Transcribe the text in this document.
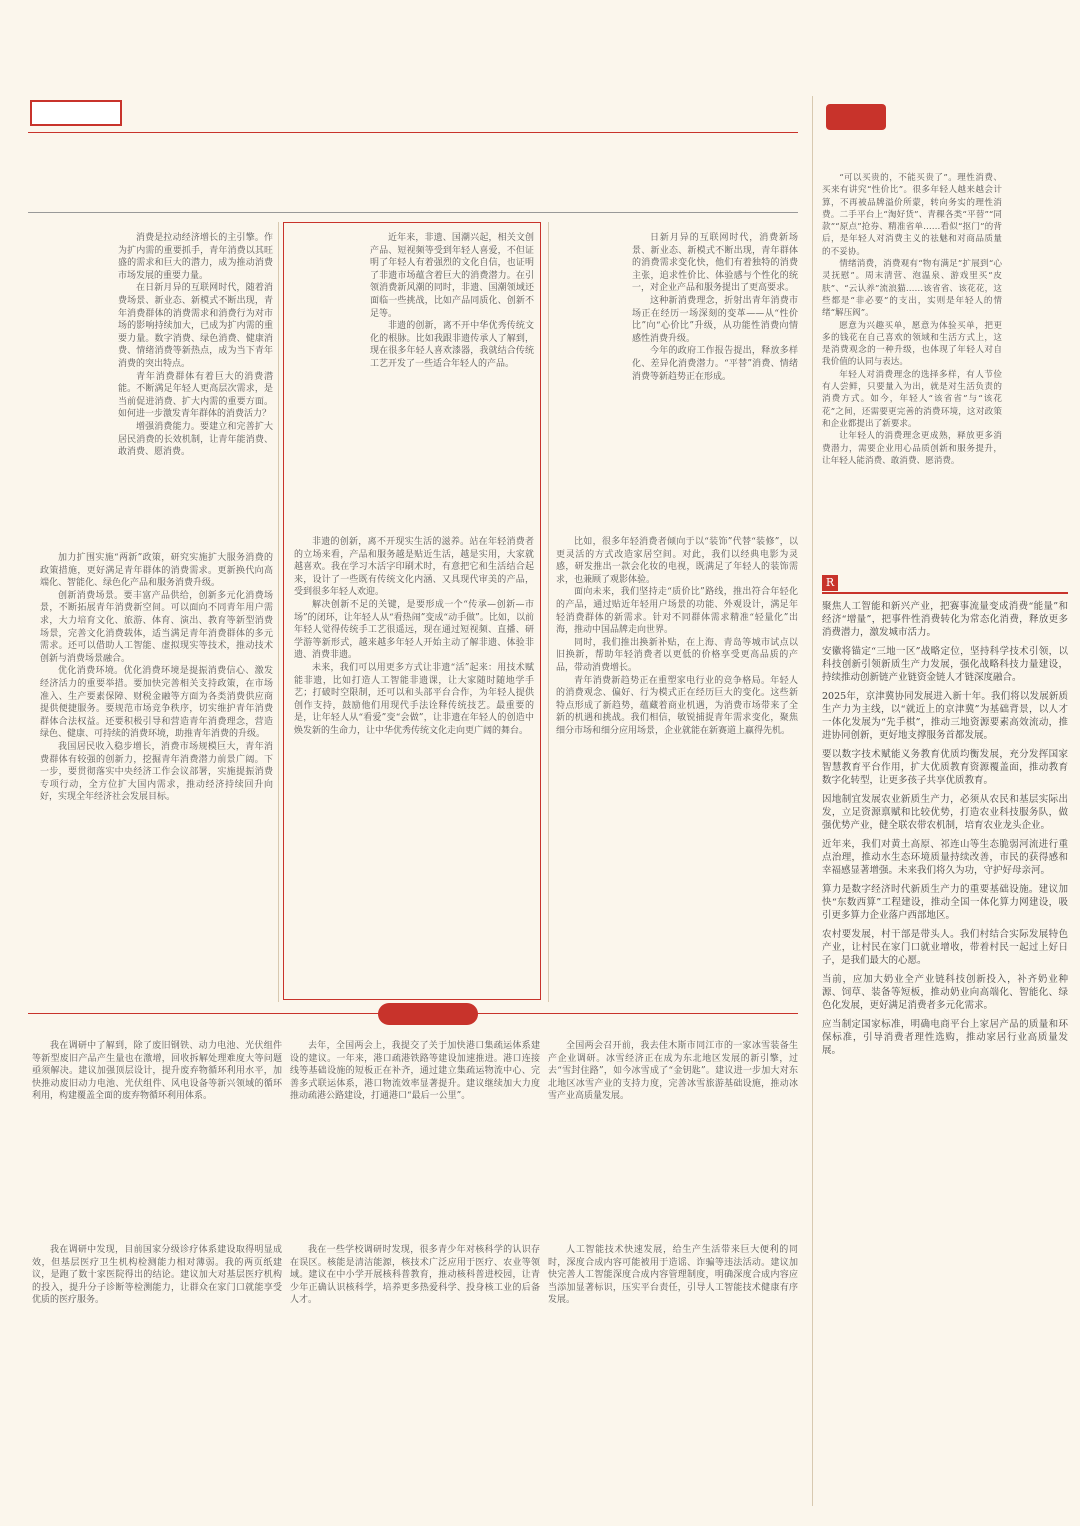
“可以买贵的，不能买贵了”。理性消费、买来有讲究“性价比”。很多年轻人越来越会计算，不再被品牌溢价所蒙，转向务实的理性消费。二手平台上“淘好货”、青稞各类“平替”“同款”“原点”抢券、精准省单……看似“抠门”的背后，是年轻人对消费主义的祛魅和对商品质量的不妥协。

情绪消费，消费观有“物有满足”扩展到“心灵抚慰”。周末清营、泡温泉、游戏里买“皮肤”、“云认养”流浪猫……该省省、该花花，这些都是“非必要”的支出，实则是年轻人的情绪“解压阀”。

愿意为兴趣买单，愿意为体验买单，把更多的钱花在自己喜欢的领域和生活方式上，这是消费观念的一种升级，也体现了年轻人对自我价值的认同与表达。

年轻人对消费理念的选择多样，有人节俭有人尝鲜，只要量入为出，就是对生活负责的消费方式。如今，年轻人“该省省”与“该花花”之间，还需要更完善的消费环境，这对政策和企业都提出了新要求。

让年轻人的消费理念更成熟，释放更多消费潜力，需要企业用心品质创新和服务提升，让年轻人能消费、敢消费、愿消费。

R
聚焦人工智能和新兴产业，把赛事流量变成消费“能量”和经济“增量”，把事件性消费转化为常态化消费，释放更多消费潜力，激发城市活力。
安徽将锚定“三地一区”战略定位，坚持科学技术引领，以科技创新引领新质生产力发展，强化战略科技力量建设，持续推动创新链产业链资金链人才链深度融合。
2025年，京津冀协同发展进入新十年。我们将以发展新质生产力为主线，以“就近上的京津冀”为基础背景，以人才一体化发展为“先手棋”，推动三地资源要素高效流动，推进协同创新，更好地支撑服务首都发展。
要以数字技术赋能义务教育优质均衡发展，充分发挥国家智慧教育平台作用，扩大优质教育资源覆盖面，推动教育数字化转型，让更多孩子共享优质教育。
因地制宜发展农业新质生产力，必须从农民和基层实际出发，立足资源禀赋和比较优势，打造农业科技服务队，做强优势产业，健全联农带农机制，培育农业龙头企业。
近年来，我们对黄土高原、祁连山等生态脆弱河流进行重点治理，推动水生态环境质量持续改善，市民的获得感和幸福感显著增强。未来我们将久为功，守护好母亲河。
算力是数字经济时代新质生产力的重要基础设施。建议加快“东数西算”工程建设，推动全国一体化算力网建设，吸引更多算力企业落户西部地区。
农村要发展，村干部是带头人。我们村结合实际发展特色产业，让村民在家门口就业增收，带着村民一起过上好日子，是我们最大的心愿。
当前，应加大奶业全产业链科技创新投入，补齐奶业种源、饲草、装备等短板，推动奶业向高端化、智能化、绿色化发展，更好满足消费者多元化需求。
应当制定国家标准，明确电商平台上家居产品的质量和环保标准，引导消费者理性选购，推动家居行业高质量发展。

消费是拉动经济增长的主引擎。作为扩内需的重要抓手，青年消费以其旺盛的需求和巨大的潜力，成为推动消费市场发展的重要力量。

在日新月异的互联网时代，随着消费场景、新业态、新模式不断出现，青年消费群体的消费需求和消费行为对市场的影响持续加大，已成为扩内需的重要力量。数字消费、绿色消费、健康消费、情绪消费等新热点，成为当下青年消费的突出特点。

青年消费群体有着巨大的消费潜能。不断满足年轻人更高层次需求，是当前促进消费、扩大内需的重要方面。如何进一步激发青年群体的消费活力？

增强消费能力。要建立和完善扩大居民消费的长效机制，让青年能消费、敢消费、愿消费。

加力扩围实施“两新”政策，研究实施扩大服务消费的政策措施，更好满足青年群体的消费需求。更新换代向高端化、智能化、绿色化产品和服务消费升级。

创新消费场景。要丰富产品供给，创新多元化消费场景，不断拓展青年消费新空间。可以面向不同青年用户需求，大力培育文化、旅游、体育、演出、教育等新型消费场景，完善文化消费载体，适当满足青年消费群体的多元需求。还可以借助人工智能、虚拟现实等技术，推动技术创新与消费场景融合。

优化消费环境。优化消费环境是提振消费信心、激发经济活力的重要举措。要加快完善相关支持政策，在市场准入、生产要素保障、财税金融等方面为各类消费供应商提供便捷服务。要规范市场竞争秩序，切实维护青年消费群体合法权益。还要积极引导和营造青年消费理念，营造绿色、健康、可持续的消费环境，助推青年消费的升级。

我国居民收入稳步增长，消费市场规模巨大，青年消费群体有较强的创新力，挖掘青年消费潜力前景广阔。下一步，要贯彻落实中央经济工作会议部署，实施提振消费专项行动，全方位扩大国内需求，推动经济持续回升向好，实现全年经济社会发展目标。

近年来，非遗、国潮兴起，相关文创产品、短视频等受到年轻人喜爱，不但证明了年轻人有着强烈的文化自信，也证明了非遗市场蕴含着巨大的消费潜力。在引领消费新风潮的同时，非遗、国潮领域还面临一些挑战，比如产品同质化、创新不足等。

非遗的创新，离不开中华优秀传统文化的根脉。比如我跟非遗传承人了解到，现在很多年轻人喜欢漆器，我就结合传统工艺开发了一些适合年轻人的产品。

非遗的创新，离不开现实生活的滋养。站在年轻消费者的立场来看，产品和服务越是贴近生活，越是实用，大家就越喜欢。我在学习木活字印刷术时，有意把它和生活结合起来，设计了一些既有传统文化内涵、又具现代审美的产品，受到很多年轻人欢迎。

解决创新不足的关键，是要形成一个“传承—创新—市场”的闭环，让年轻人从“看热闹”变成“动手做”。比如，以前年轻人觉得传统手工艺很遥远，现在通过短视频、直播、研学游等新形式，越来越多年轻人开始主动了解非遗、体验非遗、消费非遗。

未来，我们可以用更多方式让非遗“活”起来：用技术赋能非遗，比如打造人工智能非遗课，让大家随时随地学手艺；打破时空限制，还可以和头部平台合作，为年轻人提供创作支持，鼓励他们用现代手法诠释传统技艺。最重要的是，让年轻人从“看爱”变“会做”，让非遗在年轻人的创造中焕发新的生命力，让中华优秀传统文化走向更广阔的舞台。

日新月异的互联网时代，消费新场景、新业态、新模式不断出现，青年群体的消费需求变化快，他们有着独特的消费主张，追求性价比、体验感与个性化的统一，对企业产品和服务提出了更高要求。

这种新消费理念，折射出青年消费市场正在经历一场深刻的变革——从“性价比”向“心价比”升级，从功能性消费向情感性消费升级。

今年的政府工作报告提出，释放多样化、差异化消费潜力。“平替”消费、情绪消费等新趋势正在形成。

比如，很多年轻消费者倾向于以“装饰”代替“装修”，以更灵活的方式改造家居空间。对此，我们以经典电影为灵感，研发推出一款会化妆的电视，既满足了年轻人的装饰需求，也兼顾了观影体验。

面向未来，我们坚持走“质价比”路线，推出符合年轻化的产品，通过贴近年轻用户场景的功能、外观设计，满足年轻消费群体的新需求。针对不同群体需求精准“轻量化”出海，推动中国品牌走向世界。

同时，我们推出换新补贴，在上海、青岛等城市试点以旧换新，帮助年轻消费者以更低的价格享受更高品质的产品，带动消费增长。

青年消费新趋势正在重塑家电行业的竞争格局。年轻人的消费观念、偏好、行为模式正在经历巨大的变化。这些新特点形成了新趋势，蕴藏着商业机遇，为消费市场带来了全新的机遇和挑战。我们相信，敏锐捕捉青年需求变化，聚焦细分市场和细分应用场景，企业就能在新赛道上赢得先机。

我在调研中了解到，除了废旧钢铁、动力电池、光伏组件等新型废旧产品产生量也在激增，回收拆解处理难度大等问题亟须解决。建议加强顶层设计，提升废弃物循环利用水平，加快推动废旧动力电池、光伏组件、风电设备等新兴领域的循环利用，构建覆盖全面的废弃物循环利用体系。

去年，全国两会上，我提交了关于加快港口集疏运体系建设的建议。一年来，港口疏港铁路等建设加速推进。港口连接线等基础设施的短板正在补齐，通过建立集疏运物流中心、完善多式联运体系，港口物流效率显著提升。建议继续加大力度推动疏港公路建设，打通港口“最后一公里”。

全国两会召开前，我去佳木斯市同江市的一家冰雪装备生产企业调研。冰雪经济正在成为东北地区发展的新引擎，过去“雪封住路”，如今冰雪成了“金钥匙”。建议进一步加大对东北地区冰雪产业的支持力度，完善冰雪旅游基础设施，推动冰雪产业高质量发展。

我在调研中发现，目前国家分级诊疗体系建设取得明显成效，但基层医疗卫生机构检测能力相对薄弱。我的两页纸建议，是跑了数十家医院得出的结论。建议加大对基层医疗机构的投入，提升分子诊断等检测能力，让群众在家门口就能享受优质的医疗服务。

我在一些学校调研时发现，很多青少年对核科学的认识存在误区。核能是清洁能源，核技术广泛应用于医疗、农业等领域。建议在中小学开展核科普教育，推动核科普进校园，让青少年正确认识核科学，培养更多热爱科学、投身核工业的后备人才。

人工智能技术快速发展，给生产生活带来巨大便利的同时，深度合成内容可能被用于造谣、诈骗等违法活动。建议加快完善人工智能深度合成内容管理制度，明确深度合成内容应当添加显著标识，压实平台责任，引导人工智能技术健康有序发展。
